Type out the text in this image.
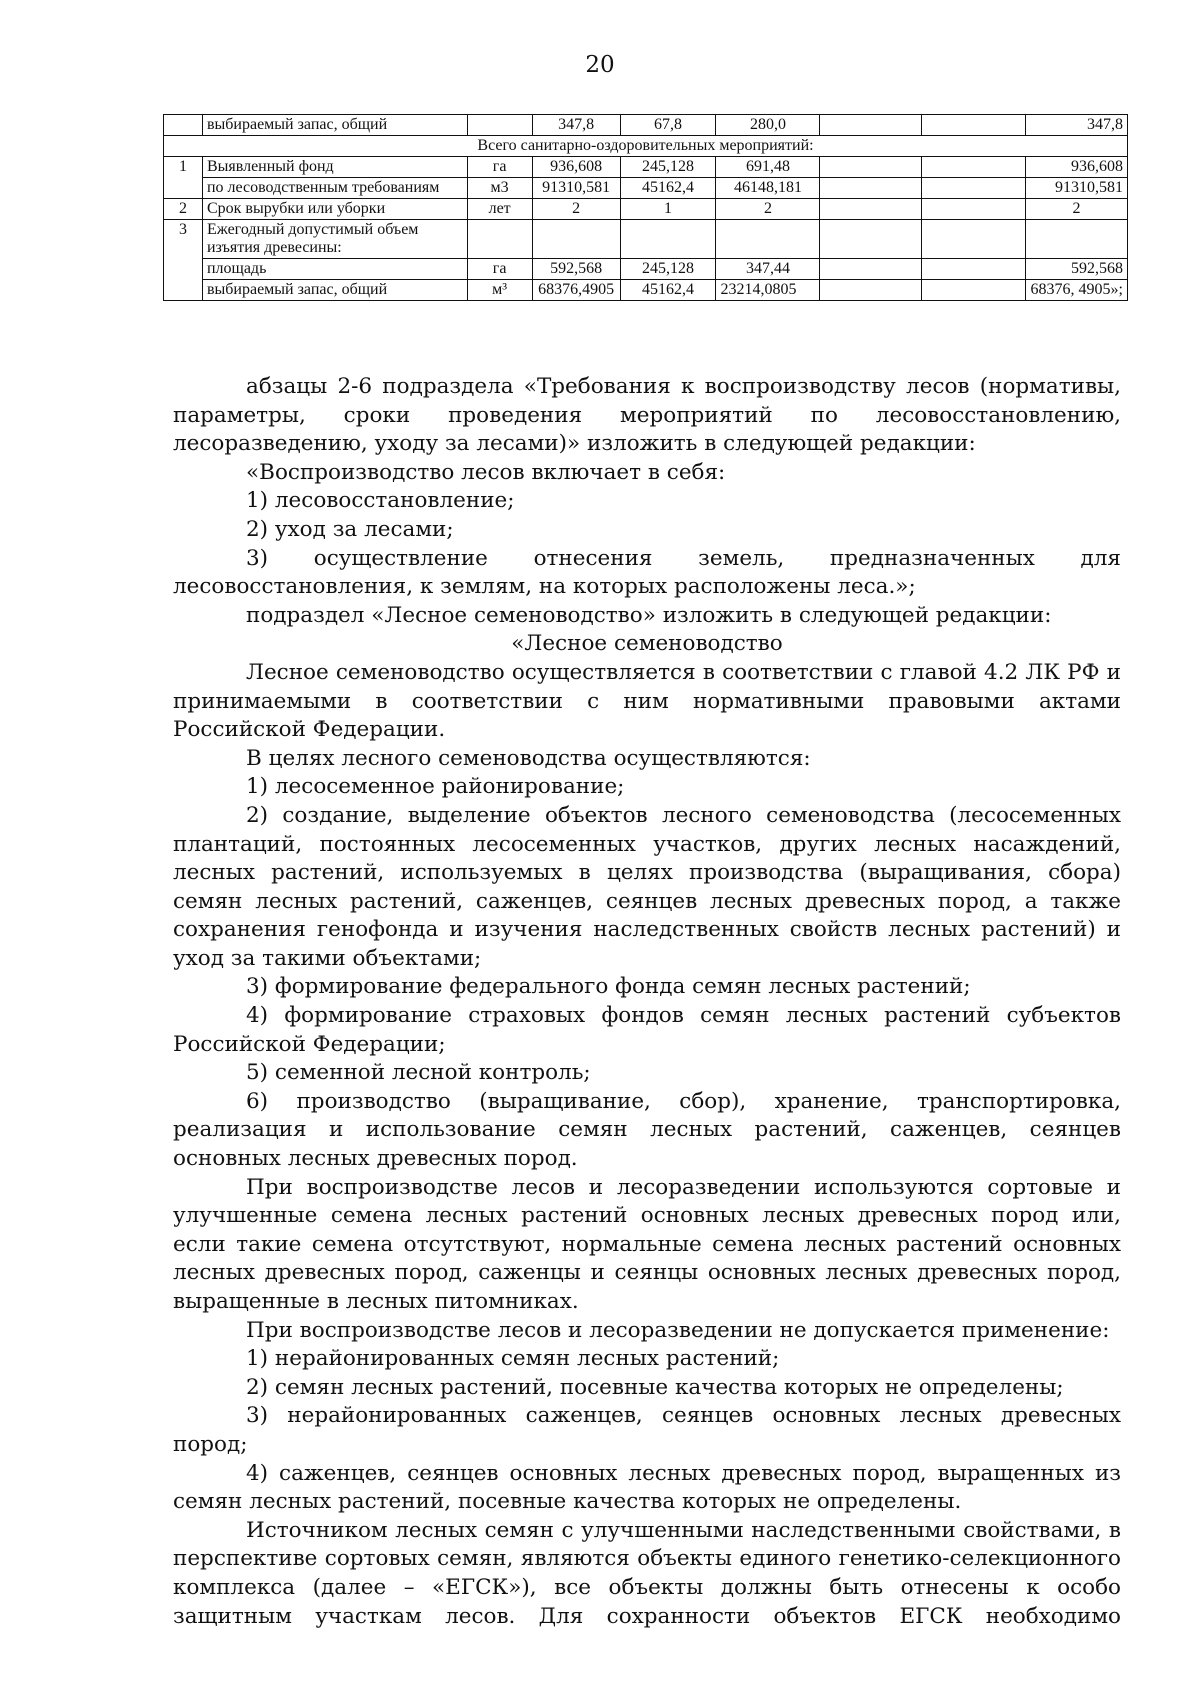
20
	выбираемый запас, общий		347,8	67,8	280,0			347,8
Всего санитарно-оздоровительных мероприятий:								
1	Выявленный фонд	га	936,608	245,128	691,48			936,608
	по лесоводственным требованиям	м3	91310,581	45162,4	46148,181			91310,581
2	Срок вырубки или уборки	лет	2	1	2			2
3	Ежегодный допустимый объем изъятия древесины:							
	площадь	га	592,568	245,128	347,44			592,568
	выбираемый запас, общий	м³	68376,4905	45162,4	23214,0805			68376, 4905»;

абзацы 2-6 подраздела «Требования к воспроизводству лесов (нормативы, параметры, сроки проведения мероприятий по лесовосстановлению, лесоразведению, уходу за лесами)» изложить в следующей редакции:

«Воспроизводство лесов включает в себя:

1) лесовосстановление;

2) уход за лесами;

3) осуществление отнесения земель, предназначенных для лесовосстановления, к землям, на которых расположены леса.»;

подраздел «Лесное семеноводство» изложить в следующей редакции:

«Лесное семеноводство

Лесное семеноводство осуществляется в соответствии с главой 4.2 ЛК РФ и принимаемыми в соответствии с ним нормативными правовыми актами Российской Федерации.

В целях лесного семеноводства осуществляются:

1) лесосеменное районирование;

2) создание, выделение объектов лесного семеноводства (лесосеменных плантаций, постоянных лесосеменных участков, других лесных насаждений, лесных растений, используемых в целях производства (выращивания, сбора) семян лесных растений, саженцев, сеянцев лесных древесных пород, а также сохранения генофонда и изучения наследственных свойств лесных растений) и уход за такими объектами;

3) формирование федерального фонда семян лесных растений;

4) формирование страховых фондов семян лесных растений субъектов Российской Федерации;

5) семенной лесной контроль;

6) производство (выращивание, сбор), хранение, транспортировка, реализация и использование семян лесных растений, саженцев, сеянцев основных лесных древесных пород.

При воспроизводстве лесов и лесоразведении используются сортовые и улучшенные семена лесных растений основных лесных древесных пород или, если такие семена отсутствуют, нормальные семена лесных растений основных лесных древесных пород, саженцы и сеянцы основных лесных древесных пород, выращенные в лесных питомниках.

При воспроизводстве лесов и лесоразведении не допускается применение:

1) нерайонированных семян лесных растений;

2) семян лесных растений, посевные качества которых не определены;

3) нерайонированных саженцев, сеянцев основных лесных древесных пород;

4) саженцев, сеянцев основных лесных древесных пород, выращенных из семян лесных растений, посевные качества которых не определены.

Источником лесных семян с улучшенными наследственными свойствами, в перспективе сортовых семян, являются объекты единого генетико-селекционного комплекса (далее – «ЕГСК»), все объекты должны быть отнесены к особо защитным участкам лесов. Для сохранности объектов ЕГСК необходимо
